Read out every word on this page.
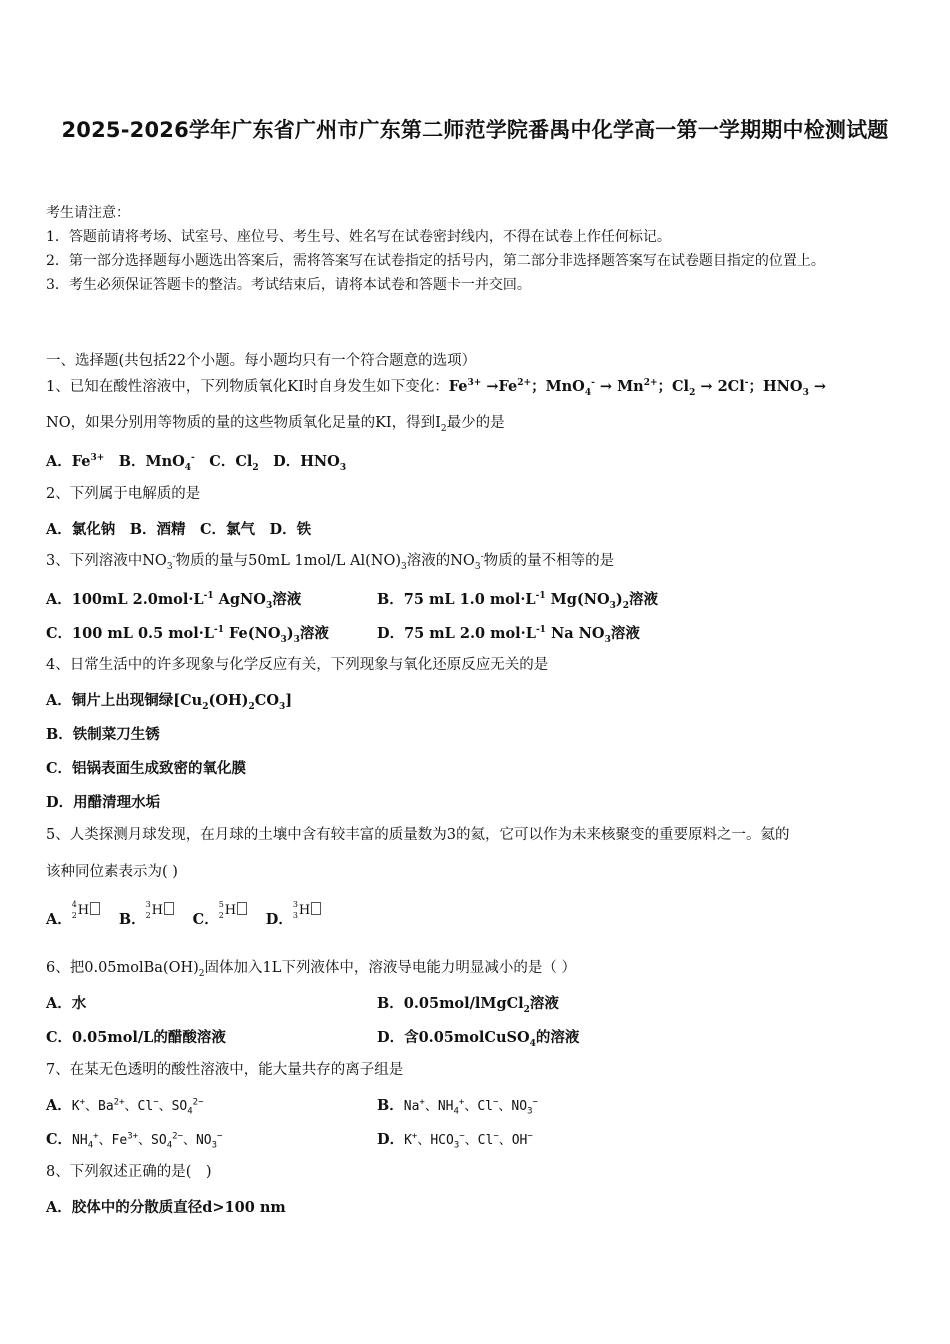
2025-2026学年广东省广州市广东第二师范学院番禺中化学高一第一学期期中检测试题
考生请注意：
1．答题前请将考场、试室号、座位号、考生号、姓名写在试卷密封线内，不得在试卷上作任何标记。
2．第一部分选择题每小题选出答案后，需将答案写在试卷指定的括号内，第二部分非选择题答案写在试卷题目指定的位置上。
3．考生必须保证答题卡的整洁。考试结束后，请将本试卷和答题卡一并交回。
一、选择题(共包括22个小题。每小题均只有一个符合题意的选项）
1、已知在酸性溶液中，下列物质氧化KI时自身发生如下变化：$Fe^{3+} \to Fe^{2+}$；$MnO_4^- \to Mn^{2+}$；$Cl_2 \to 2Cl^-$；$HNO_3$ →
NO，如果分别用等物质的量的这些物质氧化足量的KI，得到$I_2$最少的是
A．$Fe^{3+}$　B．MnO$_4$-　C．$Cl_2$　D．$HNO_3$
2、下列属于电解质的是
A．氯化钠　B．酒精　C．氯气　D．铁
3、下列溶液中$NO_3^-$物质的量与50mL 1mol/L $Al(NO)_3$溶液的$NO_3^-$物质的量不相等的是
A．100mL $2.0mol\cdot L^{-1}$ AgNO$_3$溶液	B．75 mL 1.0 $mol\cdot L^{-1}$ $Mg(NO_3)_2$溶液
C．100 mL 0.5 $mol\cdot L^{-1}$ $Fe(NO_3)_3$溶液	D．75 mL 2.0 $mol\cdot L^{-1}$ Na $NO_3$溶液
4、日常生活中的许多现象与化学反应有关，下列现象与氧化还原反应无关的是
A．铜片上出现铜绿$[Cu_2(OH)_2CO_3]$
B．铁制菜刀生锈
C．铝锅表面生成致密的氧化膜
D．用醋清理水垢
5、人类探测月球发现，在月球的土壤中含有较丰富的质量数为3的氦，它可以作为未来核聚变的重要原料之一。氦的
该种同位素表示为( )
A．
4
2 H
B．
3
2 H
C．
5
2 H
D．
3
3 H
6、把$0.05molBa(OH)_2$固体加入1L下列液体中，溶液导电能力明显减小的是（ ）
A．水	B．0.05mol/lMgCl$_2$溶液
C．0.05mol/L的醋酸溶液	D．含0.05molCuSO$_4$的溶液
7、在某无色透明的酸性溶液中，能大量共存的离子组是
A．K+、$Ba^{2+}$、Cl−、$SO_4^{2-}$	B．Na+、$NH_4^+$、Cl−、$NO_3^-$
C．$NH_4^+$、$Fe^{3+}$、$SO_4^{2-}$、$NO_3^-$	D．K+、$HCO_3^-$、Cl−、OH−
8、下列叙述正确的是(　)
A．胶体中的分散质直径d>100 nm
